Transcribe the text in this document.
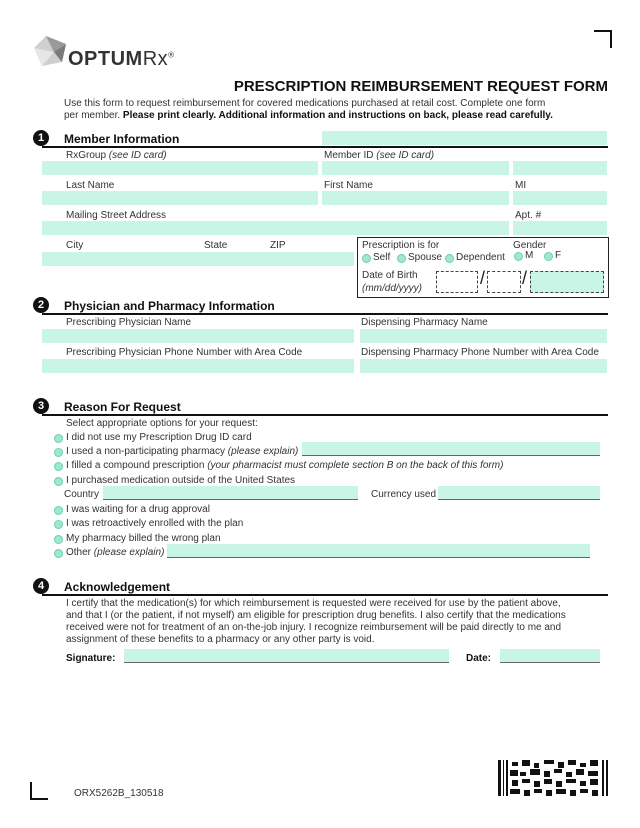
OPTUMRx®
PRESCRIPTION REIMBURSEMENT REQUEST FORM
Use this form to request reimbursement for covered medications purchased at retail cost. Complete one form
per member. Please print clearly. Additional information and instructions on back, please read carefully.
1	Member Information
RxGroup (see ID card)	Member ID (see ID card)
Last Name	First Name	MI
Mailing Street Address	Apt. #
City	State	ZIP	Prescription is for	Gender
Self Spouse Dependent M F
Date of Birth
(mm/dd/yyyy)
/ /
2	Physician and Pharmacy Information
Prescribing Physician Name	Dispensing Pharmacy Name
Prescribing Physician Phone Number with Area Code	Dispensing Pharmacy Phone Number with Area Code
3	Reason For Request
Select appropriate options for your request:
I did not use my Prescription Drug ID card
I used a non-participating pharmacy (please explain)
I filled a compound prescription (your pharmacist must complete section B on the back of this form)
I purchased medication outside of the United States
Country	Currency used
I was waiting for a drug approval
I was retroactively enrolled with the plan
My pharmacy billed the wrong plan
Other (please explain)
4	Acknowledgement
I certify that the medication(s) for which reimbursement is requested were received for use by the patient above,
and that I (or the patient, if not myself) am eligible for prescription drug benefits. I also certify that the medications
received were not for treatment of an on-the-job injury. I recognize reimbursement will be paid directly to me and
assignment of these benefits to a pharmacy or any other party is void.
Signature:	Date:
ORX5262B_130518
